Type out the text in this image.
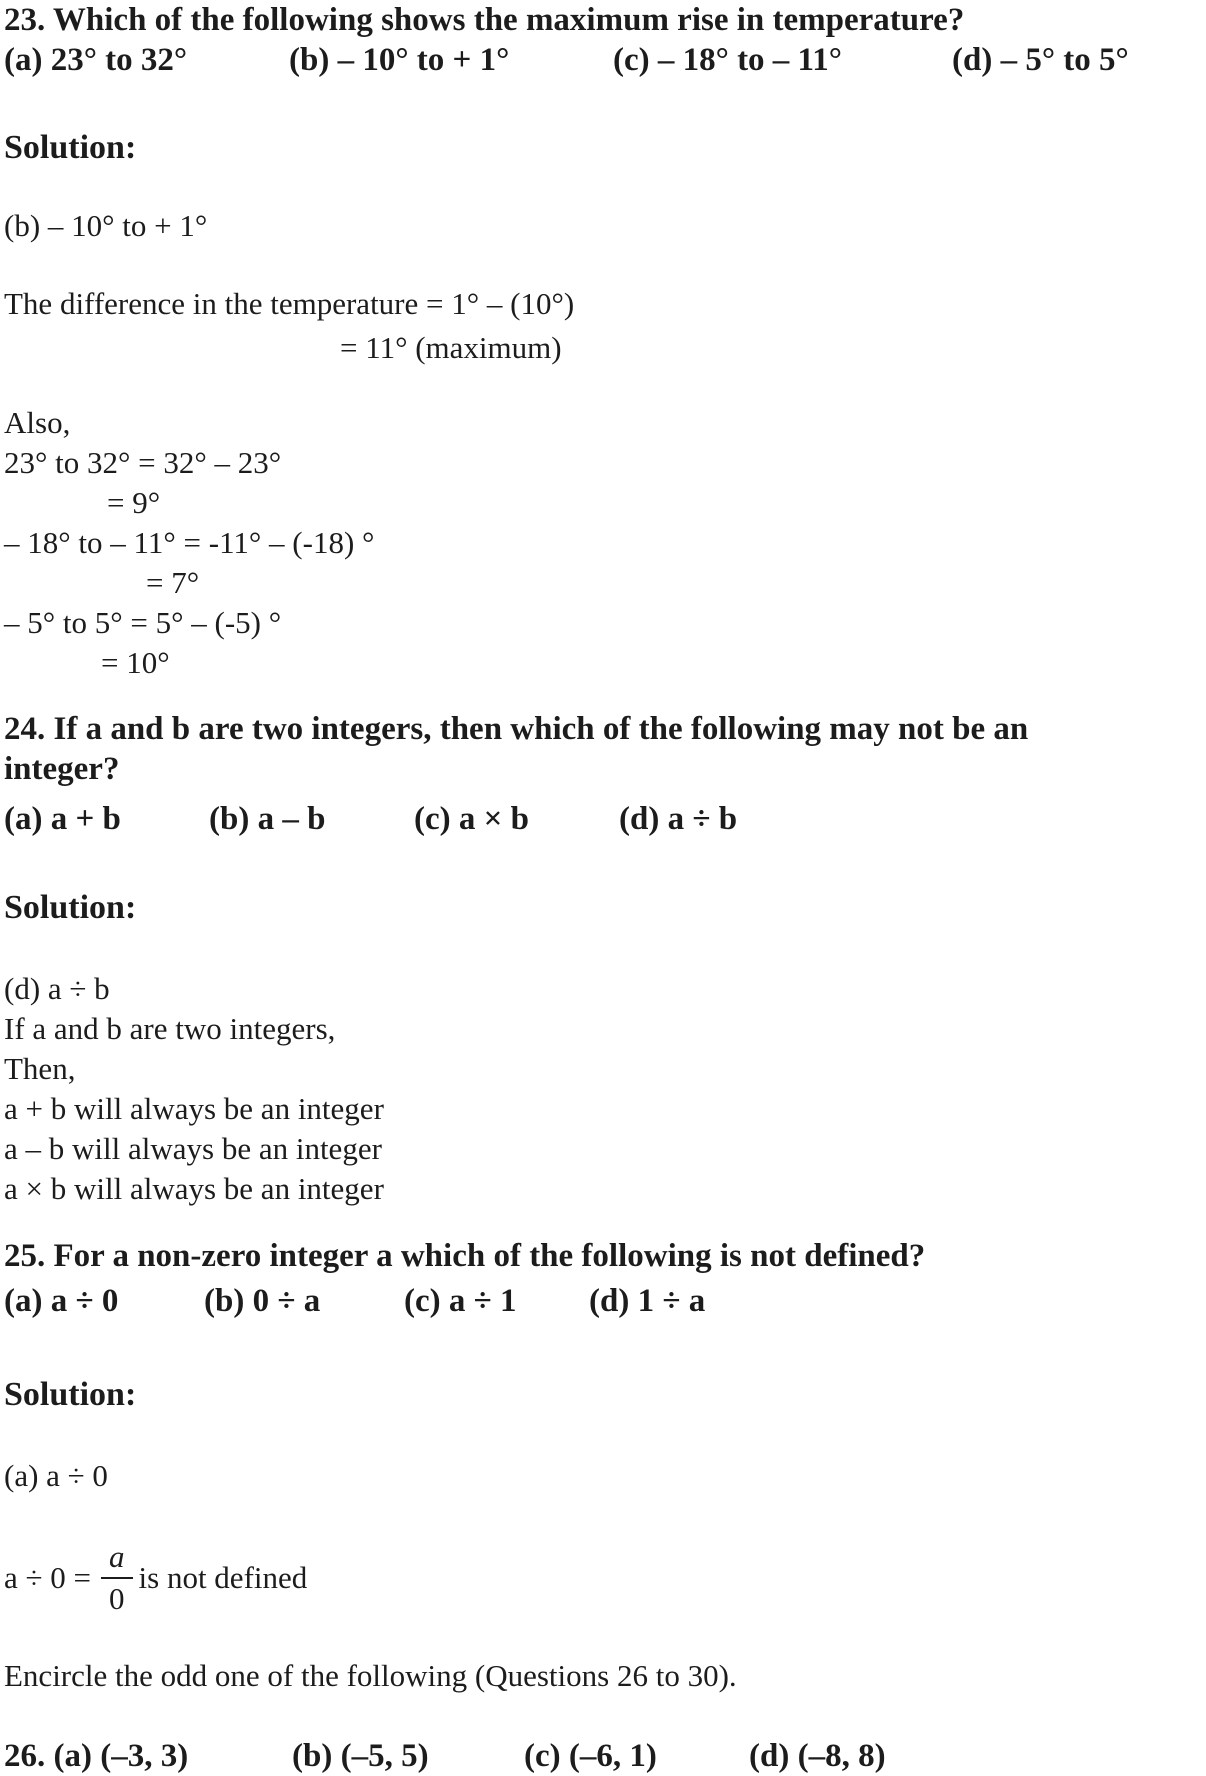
23. Which of the following shows the maximum rise in temperature?
(a) 23° to 32°	(b) – 10° to + 1°	(c) – 18° to – 11°	(d) – 5° to 5°
Solution:
(b) – 10° to + 1°
The difference in the temperature = 1° – (10°)
= 11° (maximum)
Also,
23° to 32° = 32° – 23°
= 9°
– 18° to – 11° = -11° – (-18) °
= 7°
– 5° to 5° = 5° – (-5) °
= 10°
24. If a and b are two integers, then which of the following may not be an
integer?
(a) a + b	(b) a – b	(c) a × b	(d) a ÷ b
Solution:
(d) a ÷ b
If a and b are two integers,
Then,
a + b will always be an integer
a – b will always be an integer
a × b will always be an integer
25. For a non-zero integer a which of the following is not defined?
(a) a ÷ 0	(b) 0 ÷ a	(c) a ÷ 1	(d) 1 ÷ a
Solution:
(a) a ÷ 0
$a \div 0 = \frac{a}{0}$ is not defined
Encircle the odd one of the following (Questions 26 to 30).
26. (a) (–3, 3)	(b) (–5, 5)	(c) (–6, 1)	(d) (–8, 8)
